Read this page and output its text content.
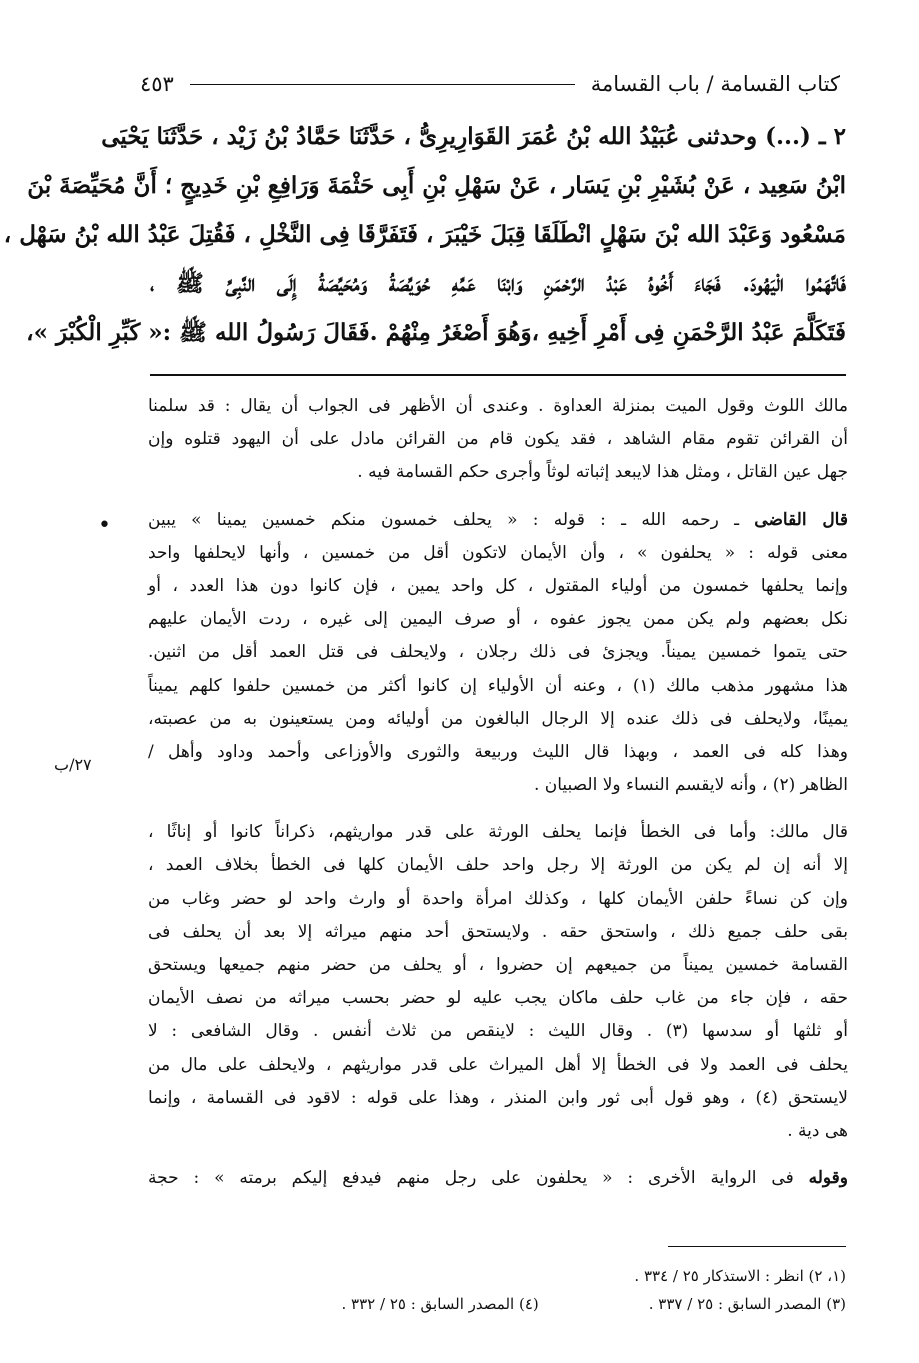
كتاب القسامة / باب القسامة
٤٥٣
٢ ـ (...) وحدثنى عُبَيْدُ الله بْنُ عُمَرَ القَوَارِيرِىُّ ، حَدَّثَنَا حَمَّادُ بْنُ زَيْد ، حَدَّثَنَا يَحْيَى
ابْنُ سَعِيد ، عَنْ بُشَيْرِ بْنِ يَسَار ، عَنْ سَهْلِ بْنِ أَبِى حَثْمَةَ وَرَافِعِ بْنِ خَدِيجٍ ؛ أَنَّ مُحَيِّصَةَ بْنَ
مَسْعُود وَعَبْدَ الله بْنَ سَهْلٍ انْطَلَقَا قِبَلَ خَيْبَرَ ، فَتَفَرَّقَا فِى النَّخْلِ ، فَقُتِلَ عَبْدُ الله بْنُ سَهْل ،
فَاتَّهَمُوا الْيَهُودَ. فَجَاءَ أَخُوهُ عَبْدُ الرَّحْمَنِ وَابْنَا عَمِّهِ حُوَيِّصَةُ وَمُحَيِّصَةُ إِلَى النَّبِىِّ ﷺ ،
فَتَكَلَّمَ عَبْدُ الرَّحْمَنِ فِى أَمْرِ أَخِيهِ ،وَهُوَ أَصْغَرُ مِنْهُمْ .فَقَالَ رَسُولُ الله ﷺ :« كَبِّرِ الْكُبْرَ »،
مالك اللوث وقول الميت بمنزلة العداوة . وعندى أن الأظهر فى الجواب أن يقال : قد سلمنا
أن القرائن تقوم مقام الشاهد ، فقد يكون قام من القرائن مادل على أن اليهود قتلوه وإن
جهل عين القاتل ، ومثل هذا لايبعد إثباته لوثاً وأجرى حكم القسامة فيه .
قال القاضى ـ رحمه الله ـ : قوله : « يحلف خمسون منكم خمسين يمينا » يبين
معنى قوله : « يحلفون » ، وأن الأيمان لاتكون أقل من خمسين ، وأنها لايحلفها واحد
وإنما يحلفها خمسون من أولياء المقتول ، كل واحد يمين ، فإن كانوا دون هذا العدد ، أو
نكل بعضهم ولم يكن ممن يجوز عفوه ، أو صرف اليمين إلى غيره ، ردت الأيمان عليهم
حتى يتموا خمسين يميناً. ويجزئ فى ذلك رجلان ، ولايحلف فى قتل العمد أقل من اثنين.
هذا مشهور مذهب مالك (١) ، وعنه أن الأولياء إن كانوا أكثر من خمسين حلفوا كلهم يميناً
يمينًا، ولايحلف فى ذلك عنده إلا الرجال البالغون من أوليائه ومن يستعينون به من عصبته،
وهذا كله فى العمد ، وبهذا قال الليث وربيعة والثورى والأوزاعى وأحمد وداود وأهل /
الظاهر (٢) ، وأنه لايقسم النساء ولا الصبيان .
قال مالك: وأما فى الخطأ فإنما يحلف الورثة على قدر مواريثهم، ذكراناً كانوا أو إناثًا ،
إلا أنه إن لم يكن من الورثة إلا رجل واحد حلف الأيمان كلها فى الخطأ بخلاف العمد ،
وإن كن نساءً حلفن الأيمان كلها ، وكذلك امرأة واحدة أو وارث واحد لو حضر وغاب من
بقى حلف جميع ذلك ، واستحق حقه . ولايستحق أحد منهم ميراثه إلا بعد أن يحلف فى
القسامة خمسين يميناً من جميعهم إن حضروا ، أو يحلف من حضر منهم جميعها ويستحق
حقه ، فإن جاء من غاب حلف ماكان يجب عليه لو حضر بحسب ميراثه من نصف الأيمان
أو ثلثها أو سدسها (٣) . وقال الليث : لاينقص من ثلاث أنفس . وقال الشافعى : لا
يحلف فى العمد ولا فى الخطأ إلا أهل الميراث على قدر مواريثهم ، ولايحلف على مال من
لايستحق (٤) ، وهو قول أبى ثور وابن المنذر ، وهذا على قوله : لاقود فى القسامة ، وإنما
هى دية .
وقوله فى الرواية الأخرى : « يحلفون على رجل منهم فيدفع إليكم برمته » : حجة
•
٢٧/ب
(١، ٢) انظر : الاستذكار ٢٥ / ٣٣٤ .
(٣) المصدر السابق : ٢٥ / ٣٣٧ .
(٤) المصدر السابق : ٢٥ / ٣٣٢ .
